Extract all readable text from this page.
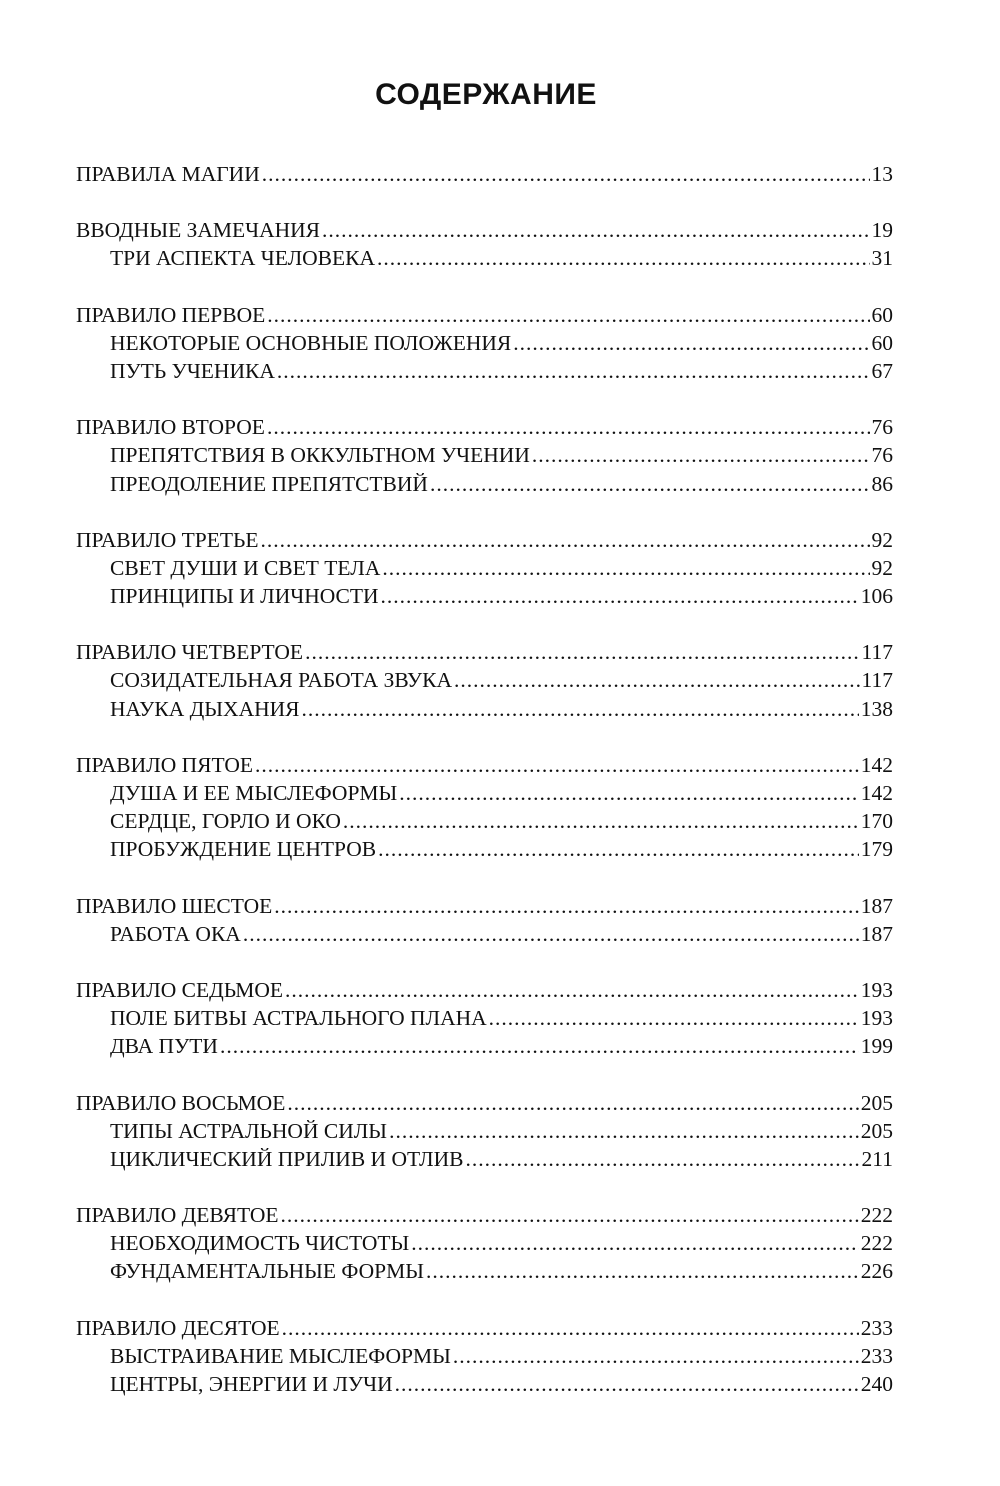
СОДЕРЖАНИЕ
ПРАВИЛА МАГИИ .....	13
ВВОДНЫЕ ЗАМЕЧАНИЯ .....	19
ТРИ АСПЕКТА ЧЕЛОВЕКА .....	31
ПРАВИЛО ПЕРВОЕ .....	60
НЕКОТОРЫЕ ОСНОВНЫЕ ПОЛОЖЕНИЯ .....	60
ПУТЬ УЧЕНИКА .....	67
ПРАВИЛО ВТОРОЕ .....	76
ПРЕПЯТСТВИЯ В ОККУЛЬТНОМ УЧЕНИИ .....	76
ПРЕОДОЛЕНИЕ ПРЕПЯТСТВИЙ .....	86
ПРАВИЛО ТРЕТЬЕ .....	92
СВЕТ ДУШИ И СВЕТ ТЕЛА .....	92
ПРИНЦИПЫ И ЛИЧНОСТИ .....	106
ПРАВИЛО ЧЕТВЕРТОЕ .....	117
СОЗИДАТЕЛЬНАЯ РАБОТА ЗВУКА .....	117
НАУКА ДЫХАНИЯ .....	138
ПРАВИЛО ПЯТОЕ .....	142
ДУША И ЕЕ МЫСЛЕФОРМЫ .....	142
СЕРДЦЕ, ГОРЛО И ОКО .....	170
ПРОБУЖДЕНИЕ ЦЕНТРОВ .....	179
ПРАВИЛО ШЕСТОЕ .....	187
РАБОТА ОКА .....	187
ПРАВИЛО СЕДЬМОЕ .....	193
ПОЛЕ БИТВЫ АСТРАЛЬНОГО ПЛАНА .....	193
ДВА ПУТИ .....	199
ПРАВИЛО ВОСЬМОЕ .....	205
ТИПЫ АСТРАЛЬНОЙ СИЛЫ .....	205
ЦИКЛИЧЕСКИЙ ПРИЛИВ И ОТЛИВ .....	211
ПРАВИЛО ДЕВЯТОЕ .....	222
НЕОБХОДИМОСТЬ ЧИСТОТЫ .....	222
ФУНДАМЕНТАЛЬНЫЕ ФОРМЫ .....	226
ПРАВИЛО ДЕСЯТОЕ .....	233
ВЫСТРАИВАНИЕ МЫСЛЕФОРМЫ .....	233
ЦЕНТРЫ, ЭНЕРГИИ И ЛУЧИ .....	240
